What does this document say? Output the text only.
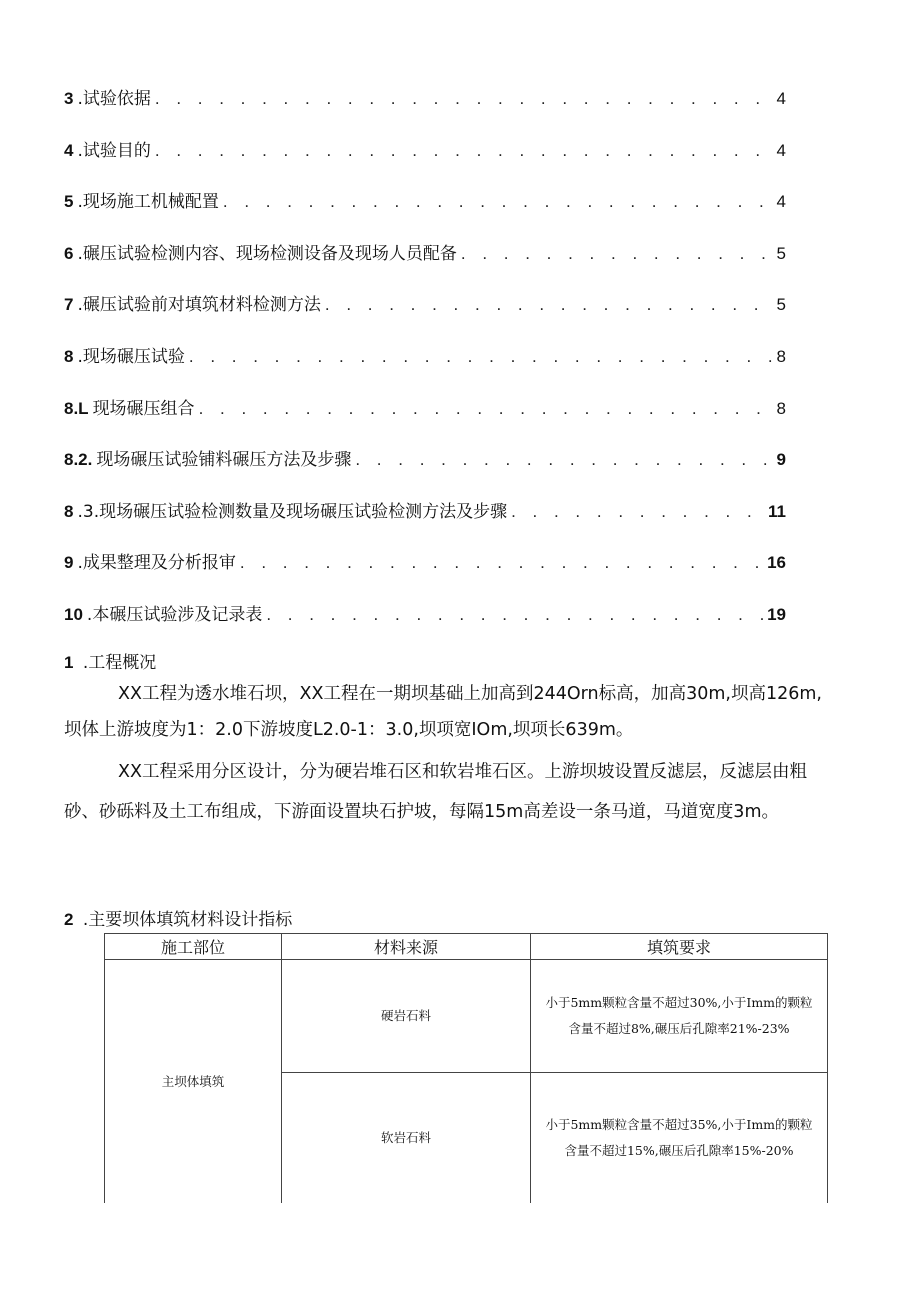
3 .试验依据 . . .	4
4 .试验目的 . . .	4
5 .现场施工机械配置 . . .	4
6 .碾压试验检测内容、现场检测设备及现场人员配备 . . .	5
7 .碾压试验前对填筑材料检测方法 . . .	5
8 .现场碾压试验 . . .	8
8.L 现场碾压组合 . . .	8
8.2. 现场碾压试验铺料碾压方法及步骤 . . .	9
8 .3.现场碾压试验检测数量及现场碾压试验检测方法及步骤 . . .	11
9 .成果整理及分析报审 . . .	16
10 .本碾压试验涉及记录表 . . .	19
1 .工程概况
XX工程为透水堆石坝，XX工程在一期坝基础上加高到244Orn标高，加高30m,坝高126m,坝体上游坡度为1：2.0下游坡度L2.0-1：3.0,坝项宽IOm,坝项长639m。
XX工程采用分区设计，分为硬岩堆石区和软岩堆石区。上游坝坡设置反滤层，反滤层由粗砂、砂砾料及土工布组成，下游面设置块石护坡，每隔15m高差设一条马道，马道宽度3m。
2 .主要坝体填筑材料设计指标
施工部位	材料来源	填筑要求
主坝体填筑	硬岩石料	小于5mm颗粒含量不超过30%,小于Imm的颗粒含量不超过8%,碾压后孔隙率21%-23%
	软岩石料	小于5mm颗粒含量不超过35%,小于Imm的颗粒含量不超过15%,碾压后孔隙率15%-20%
